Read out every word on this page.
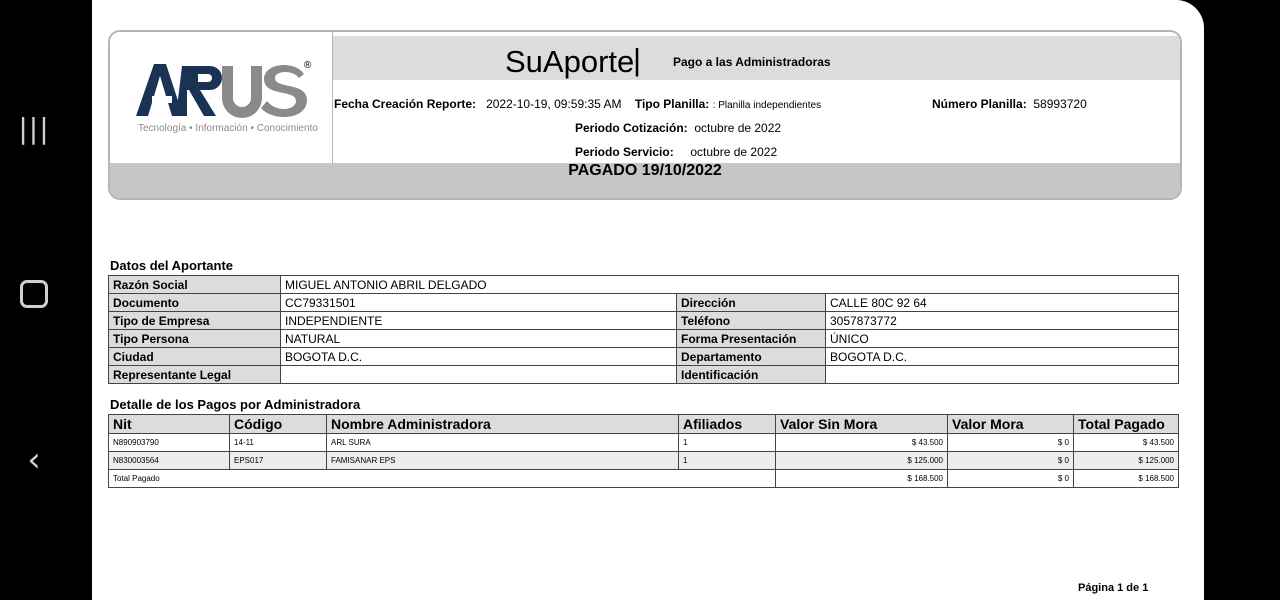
|||
‹
®
Tecnología • Información • Conocimiento
SuAporte
|	Pago a las Administradoras
Fecha Creación Reporte: 2022-10-19, 09:59:35 AM Tipo Planilla: : Planilla independientes	Número Planilla: 58993720
Periodo Cotización: octubre de 2022
Periodo Servicio: octubre de 2022
PAGADO 19/10/2022
Datos del Aportante
Razón Social	MIGUEL ANTONIO ABRIL DELGADO		
Documento	CC79331501	Dirección	CALLE 80C 92 64
Tipo de Empresa	INDEPENDIENTE	Teléfono	3057873772
Tipo Persona	NATURAL	Forma Presentación	ÚNICO
Ciudad	BOGOTA D.C.	Departamento	BOGOTA D.C.
Representante Legal		Identificación	
Detalle de los Pagos por Administradora
Nit	Código	Nombre Administradora	Afiliados	Valor Sin Mora	Valor Mora	Total Pagado
N890903790	14-11	ARL SURA	1	$ 43.500	$ 0	$ 43.500
N830003564	EPS017	FAMISANAR EPS	1	$ 125.000	$ 0	$ 125.000
Total Pagado				$ 168.500	$ 0	$ 168.500
Página 1 de 1
